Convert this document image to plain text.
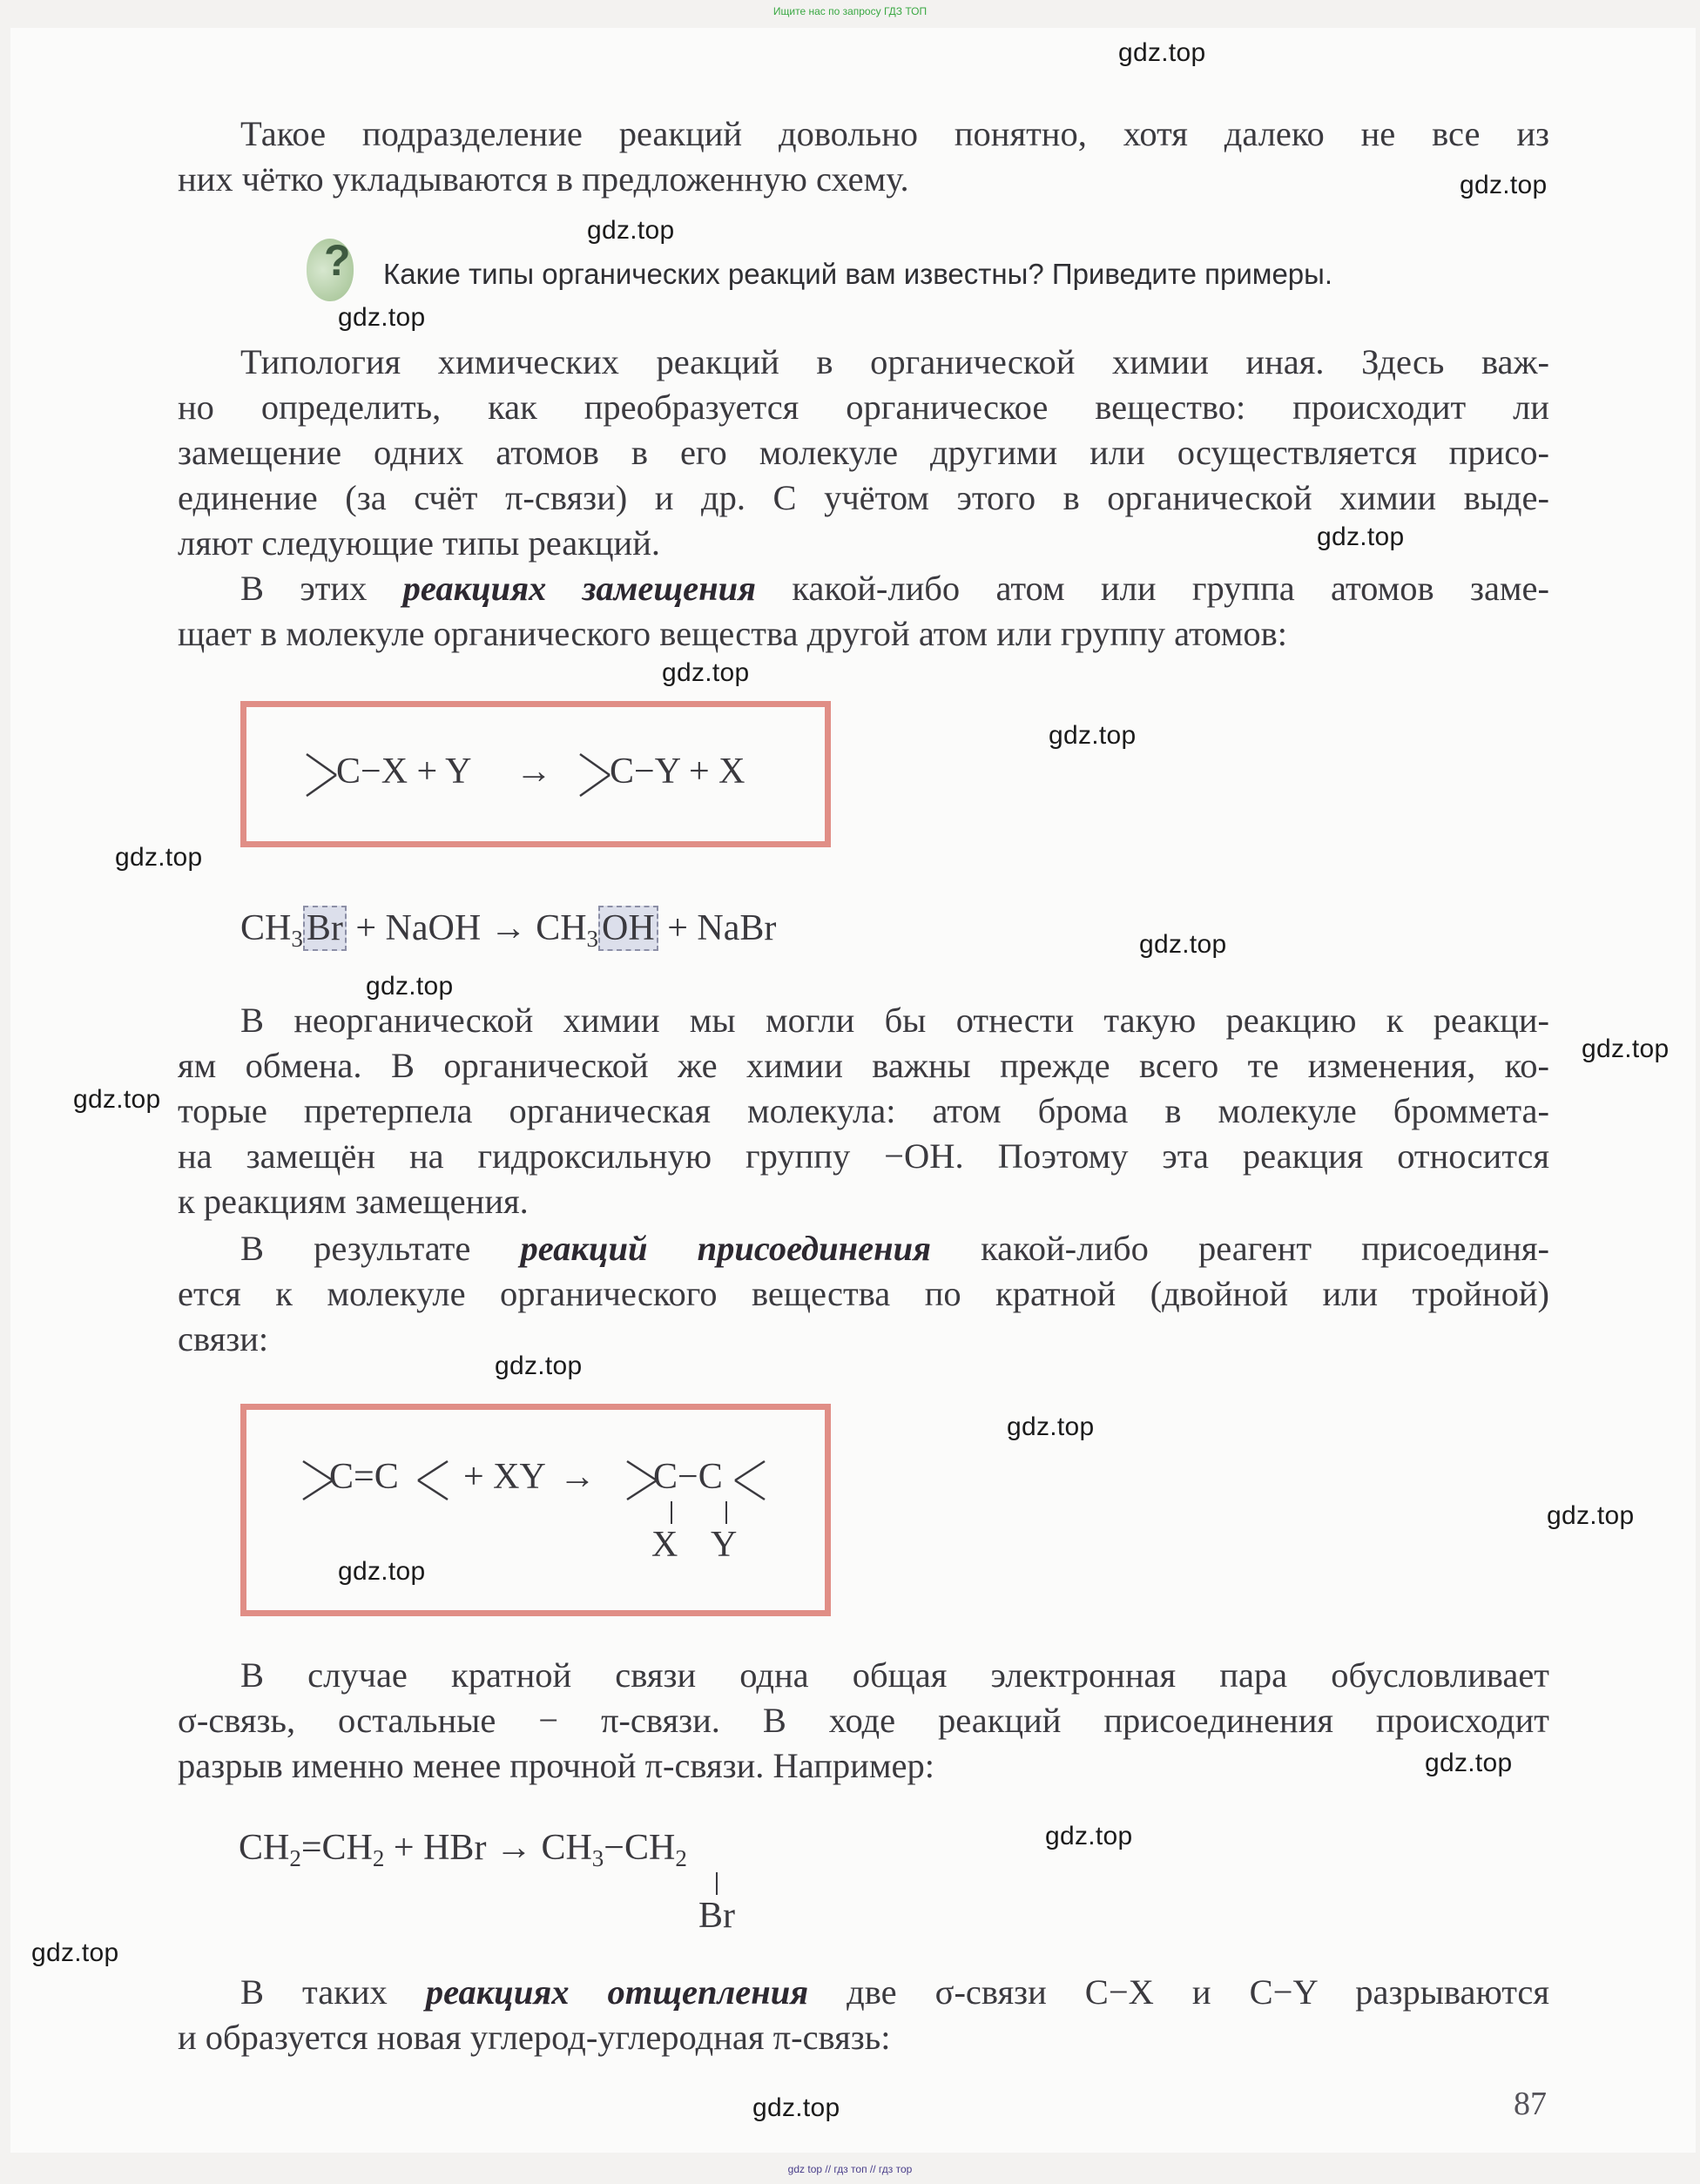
Ищите нас по запросу ГДЗ ТОП
Такое подразделение реакций довольно понятно, хотя далеко не все из
них чётко укладываются в предложенную схему.
? Какие типы органических реакций вам известны? Приведите примеры.
Типология химических реакций в органической химии иная. Здесь важ-
но определить, как преобразуется органическое вещество: происходит ли
замещение одних атомов в его молекуле другими или осуществляется присо-
единение (за счёт π-связи) и др. С учётом этого в органической химии выде-
ляют следующие типы реакций.
В этих реакциях замещения какой-либо атом или группа атомов заме-
щает в молекуле органического вещества другой атом или группу атомов:
C−X + Y → C−Y + X
$CH_3Br$ + NaOH → $CH_3OH$ + NaBr
В неорганической химии мы могли бы отнести такую реакцию к реакци-
ям обмена. В органической же химии важны прежде всего те изменения, ко-
торые претерпела органическая молекула: атом брома в молекуле броммета-
на замещён на гидроксильную группу −OH. Поэтому эта реакция относится
к реакциям замещения.
В результате реакций присоединения какой-либо реагент присоединя-
ется к молекуле органического вещества по кратной (двойной или тройной)
связи:
C=C + XY → C−C
X Y
В случае кратной связи одна общая электронная пара обусловливает
σ-связь, остальные − π-связи. В ходе реакций присоединения происходит
разрыв именно менее прочной π-связи. Например:
$CH_2=CH_2$ + HBr → $CH_3-CH_2$
Br
В таких реакциях отщепления две σ-связи C−X и C−Y разрываются
и образуется новая углерод-углеродная π-связь:
87
gdz.top
gdz.top
gdz.top
gdz.top
gdz.top
gdz.top
gdz.top
gdz.top
gdz.top
gdz.top
gdz.top
gdz.top
gdz.top
gdz.top
gdz.top
gdz.top
gdz.top
gdz.top
gdz.top
gdz.top
gdz top // гдз топ // гдз тор
